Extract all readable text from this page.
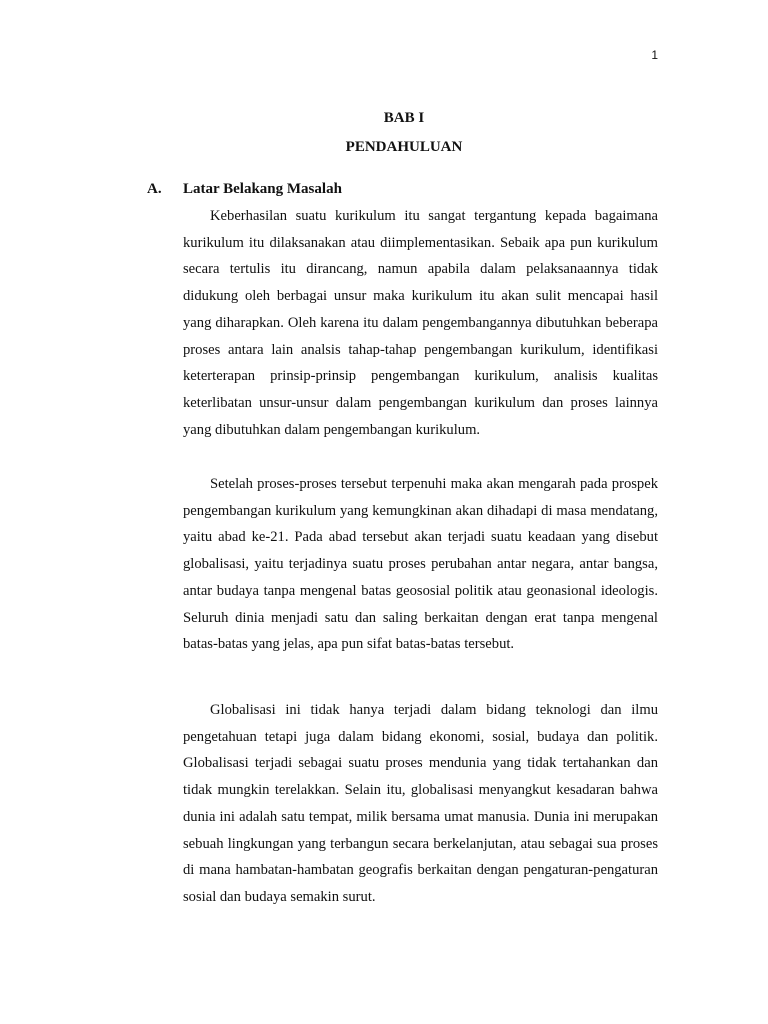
1
BAB I
PENDAHULUAN
A. Latar Belakang Masalah

Keberhasilan suatu kurikulum itu sangat tergantung kepada bagaimana kurikulum itu dilaksanakan atau diimplementasikan. Sebaik apa pun kurikulum secara tertulis itu dirancang, namun apabila dalam pelaksanaannya tidak didukung oleh berbagai unsur maka kurikulum itu akan sulit mencapai hasil yang diharapkan. Oleh karena itu dalam pengembangannya dibutuhkan beberapa proses antara lain analsis tahap-tahap pengembangan kurikulum, identifikasi keterterapan prinsip-prinsip pengembangan kurikulum, analisis kualitas keterlibatan unsur-unsur dalam pengembangan kurikulum dan proses lainnya yang dibutuhkan dalam pengembangan kurikulum.

Setelah proses-proses tersebut terpenuhi maka akan mengarah pada prospek pengembangan kurikulum yang kemungkinan akan dihadapi di masa mendatang, yaitu abad ke-21. Pada abad tersebut akan terjadi suatu keadaan yang disebut globalisasi, yaitu terjadinya suatu proses perubahan antar negara, antar bangsa, antar budaya tanpa mengenal batas geososial politik atau geonasional ideologis. Seluruh dinia menjadi satu dan saling berkaitan dengan erat tanpa mengenal batas-batas yang jelas, apa pun sifat batas-batas tersebut.

Globalisasi ini tidak hanya terjadi dalam bidang teknologi dan ilmu pengetahuan tetapi juga dalam bidang ekonomi, sosial, budaya dan politik. Globalisasi terjadi sebagai suatu proses mendunia yang tidak tertahankan dan tidak mungkin terelakkan. Selain itu, globalisasi menyangkut kesadaran bahwa dunia ini adalah satu tempat, milik bersama umat manusia. Dunia ini merupakan sebuah lingkungan yang terbangun secara berkelanjutan, atau sebagai sua proses di mana hambatan-hambatan geografis berkaitan dengan pengaturan-pengaturan sosial dan budaya semakin surut.
